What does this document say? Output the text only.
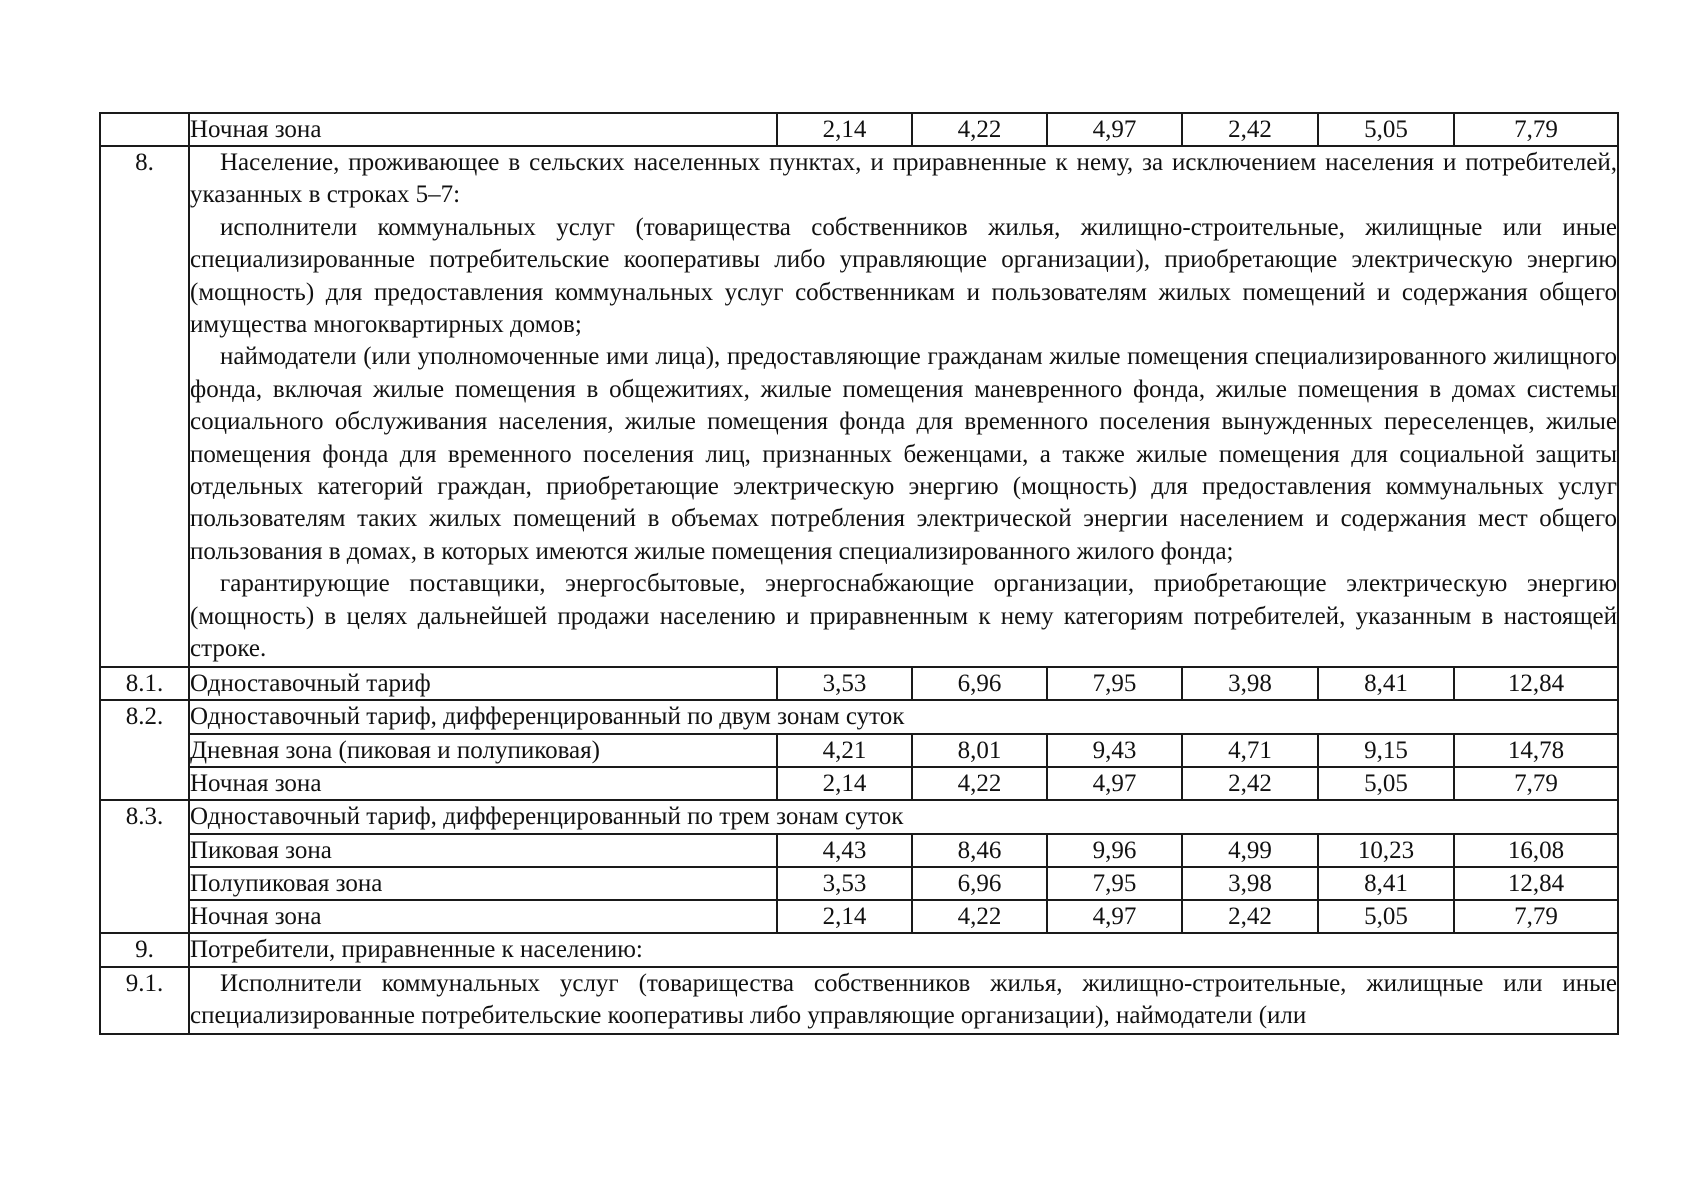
	Ночная зона	2,14	4,22	4,97	2,42	5,05	7,79
8.	Население, проживающее в сельских населенных пунктах, и приравненные к нему, за исключением населения и потребителей, указанных в строках 5–7:

исполнители коммунальных услуг (товарищества собственников жилья, жилищно-строительные, жилищные или иные специализированные потребительские кооперативы либо управляющие организации), приобретающие электрическую энергию (мощность) для предоставления коммунальных услуг собственникам и пользователям жилых помещений и содержания общего имущества многоквартирных домов;

наймодатели (или уполномоченные ими лица), предоставляющие гражданам жилые помещения специализированного жилищного фонда, включая жилые помещения в общежитиях, жилые помещения маневренного фонда, жилые помещения в домах системы социального обслуживания населения, жилые помещения фонда для временного поселения вынужденных переселенцев, жилые помещения фонда для временного поселения лиц, признанных беженцами, а также жилые помещения для социальной защиты отдельных категорий граждан, приобретающие электрическую энергию (мощность) для предоставления коммунальных услуг пользователям таких жилых помещений в объемах потребления электрической энергии населением и содержания мест общего пользования в домах, в которых имеются жилые помещения специализированного жилого фонда;

гарантирующие поставщики, энергосбытовые, энергоснабжающие организации, приобретающие электрическую энергию (мощность) в целях дальнейшей продажи населению и приравненным к нему категориям потребителей, указанным в настоящей строке.						

8.1.	Одноставочный тариф	3,53	6,96	7,95	3,98	8,41	12,84
8.2.	Одноставочный тариф, дифференцированный по двум зонам суток						
	Дневная зона (пиковая и полупиковая)	4,21	8,01	9,43	4,71	9,15	14,78
	Ночная зона	2,14	4,22	4,97	2,42	5,05	7,79
8.3.	Одноставочный тариф, дифференцированный по трем зонам суток						
	Пиковая зона	4,43	8,46	9,96	4,99	10,23	16,08
	Полупиковая зона	3,53	6,96	7,95	3,98	8,41	12,84
	Ночная зона	2,14	4,22	4,97	2,42	5,05	7,79
9.	Потребители, приравненные к населению:						
9.1.	Исполнители коммунальных услуг (товарищества собственников жилья, жилищно-строительные, жилищные или иные специализированные потребительские кооперативы либо управляющие организации), наймодатели (или						
